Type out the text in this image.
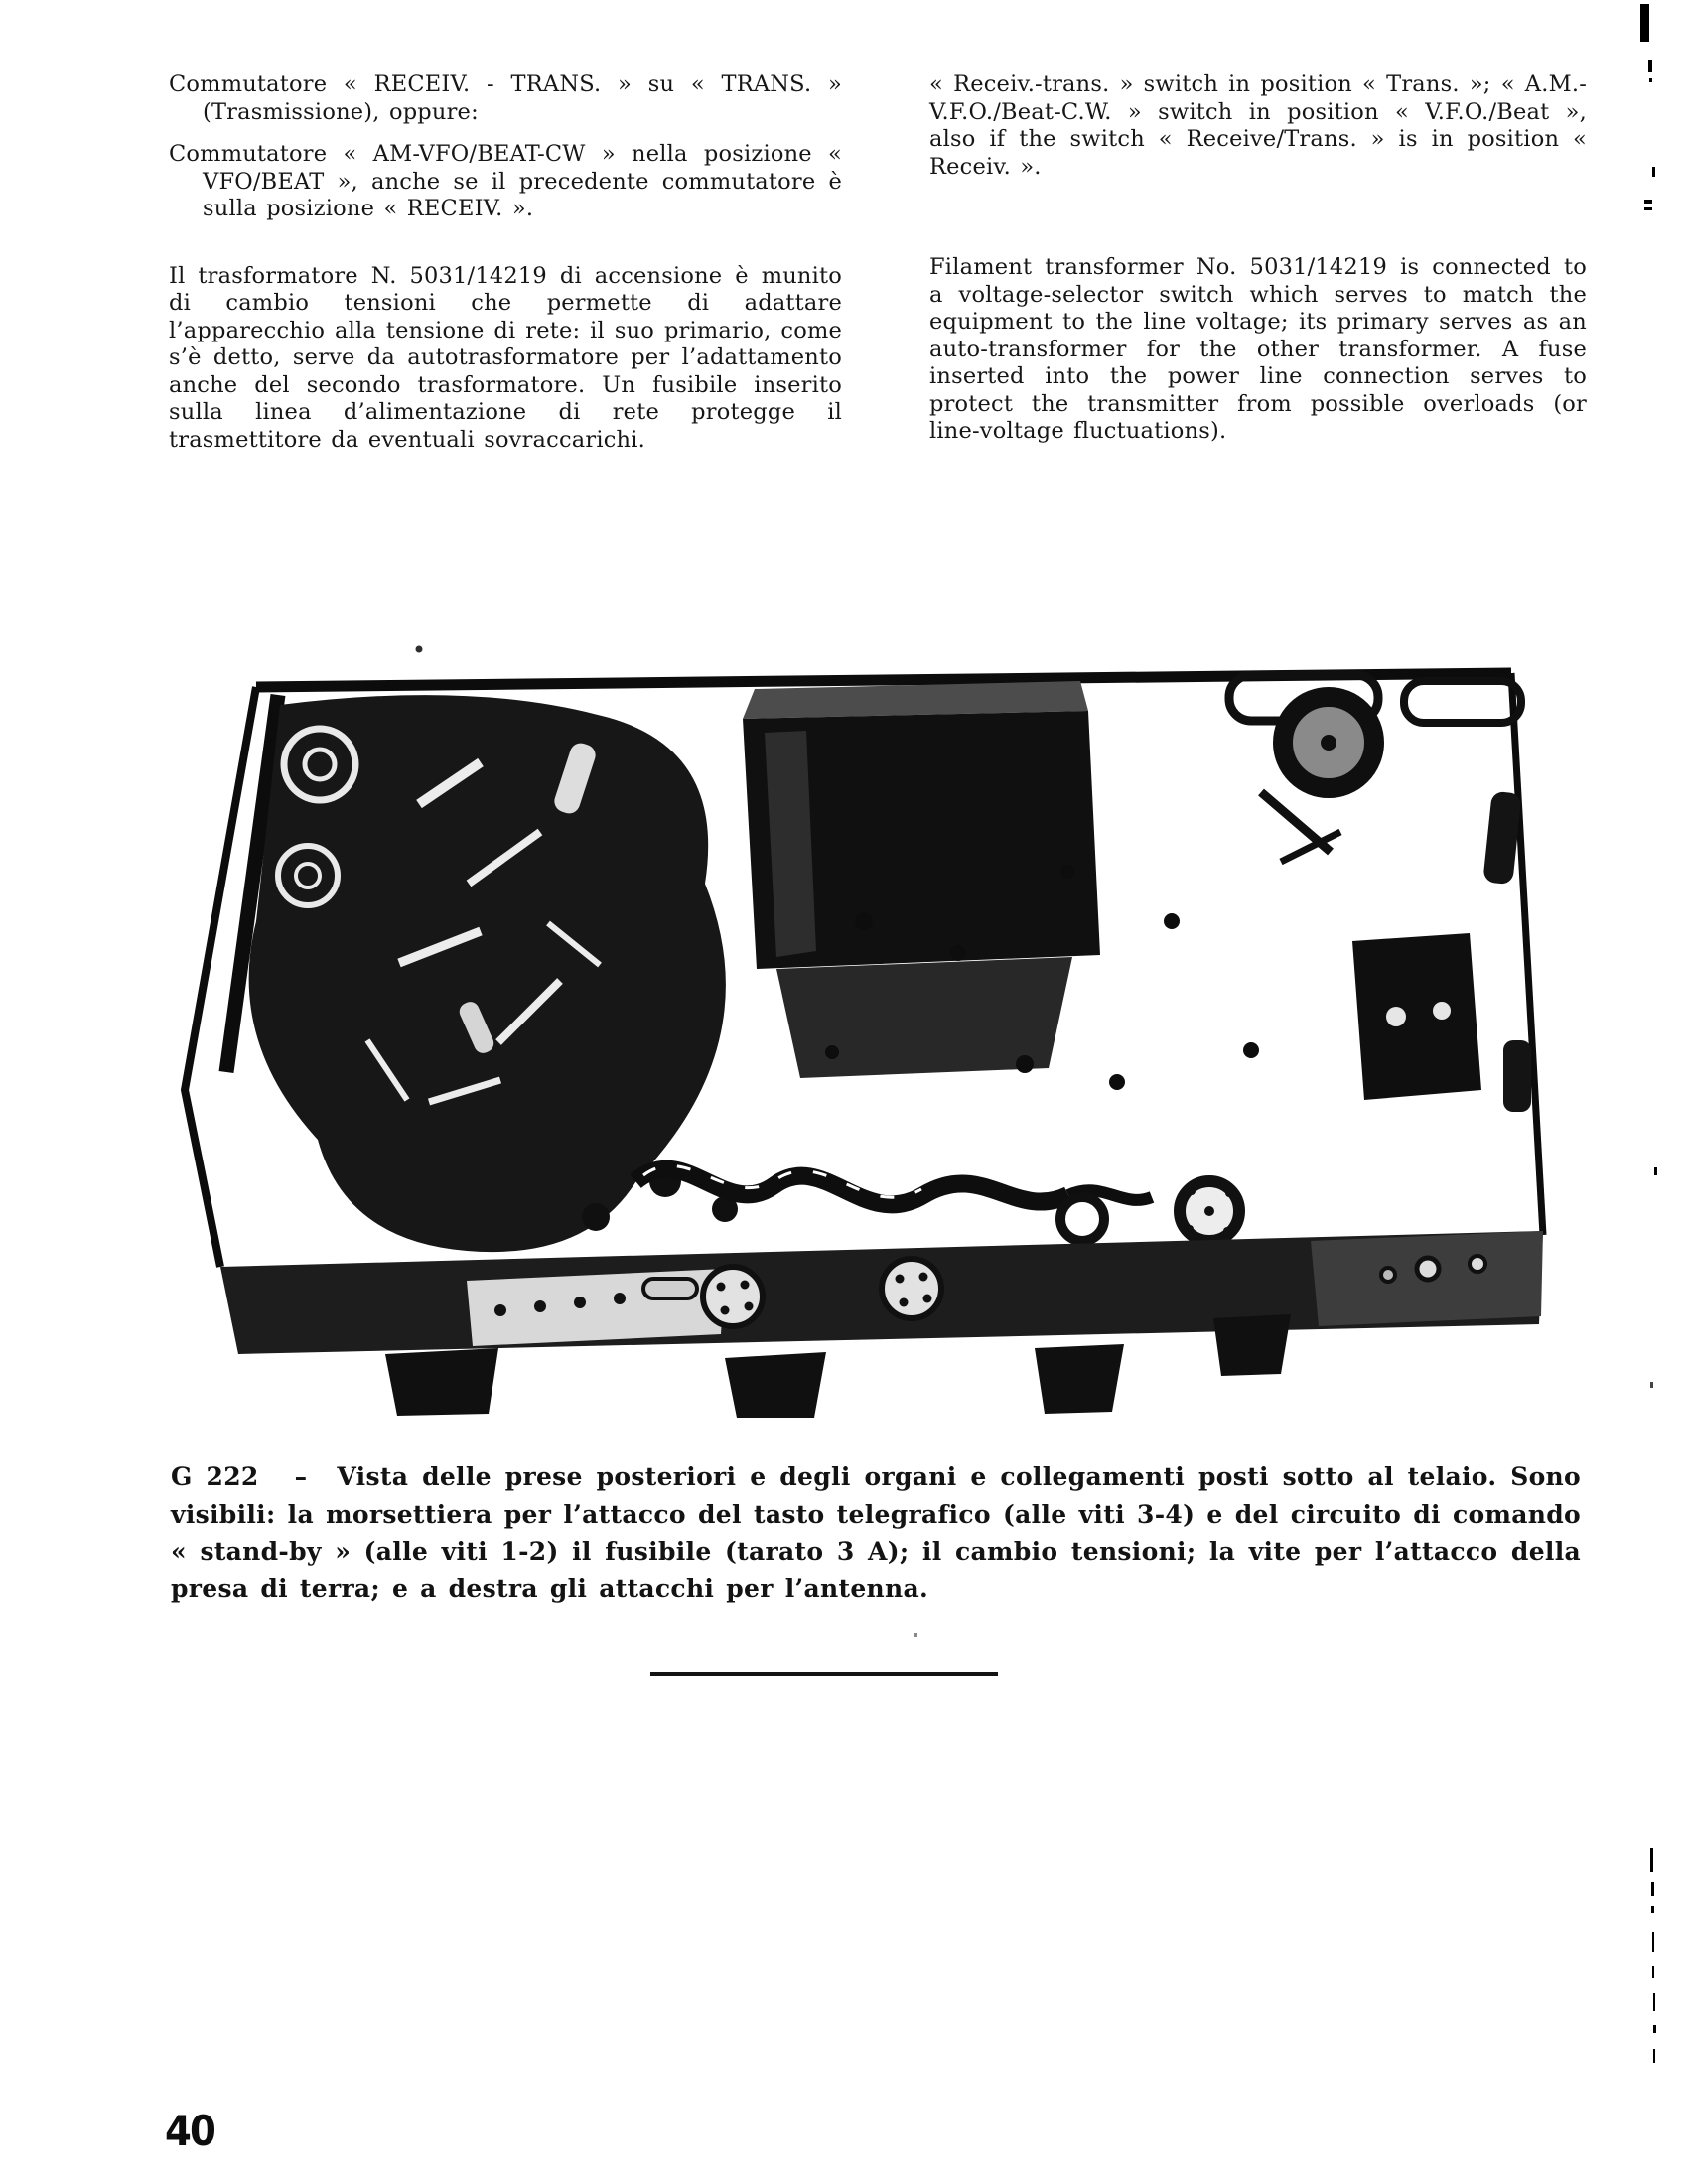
Commutatore « RECEIV. - TRANS. » su « TRANS. » (Trasmissione), oppure:

Commutatore « AM-VFO/BEAT-CW » nella posizione « VFO/BEAT », anche se il precedente commutatore è sulla posizione « RECEIV. ».

Il trasformatore N. 5031/14219 di accensione è munito di cambio tensioni che permette di adattare l’apparecchio alla tensione di rete: il suo primario, come s’è detto, serve da autotrasformatore per l’adattamento anche del secondo trasformatore. Un fusibile inserito sulla linea d’alimentazione di rete protegge il trasmettitore da eventuali sovraccarichi.

« Receiv.-trans. » switch in position « Trans. »; « A.M.-V.F.O./Beat-C.W. » switch in position « V.F.O./Beat », also if the switch « Receive/Trans. » is in position « Receiv. ».

Filament transformer No. 5031/14219 is connected to a voltage-selector switch which serves to match the equipment to the line voltage; its primary serves as an auto-transformer for the other transformer. A fuse inserted into the power line connection serves to protect the transmitter from possible overloads (or line-voltage fluctuations).

G 222 – Vista delle prese posteriori e degli organi e collegamenti posti sotto al telaio. Sono visibili: la morsettiera per l’attacco del tasto telegrafico (alle viti 3-4) e del circuito di comando « stand-by » (alle viti 1-2) il fusibile (tarato 3 A); il cambio tensioni; la vite per l’attacco della presa di terra; e a destra gli attacchi per l’antenna.

40
